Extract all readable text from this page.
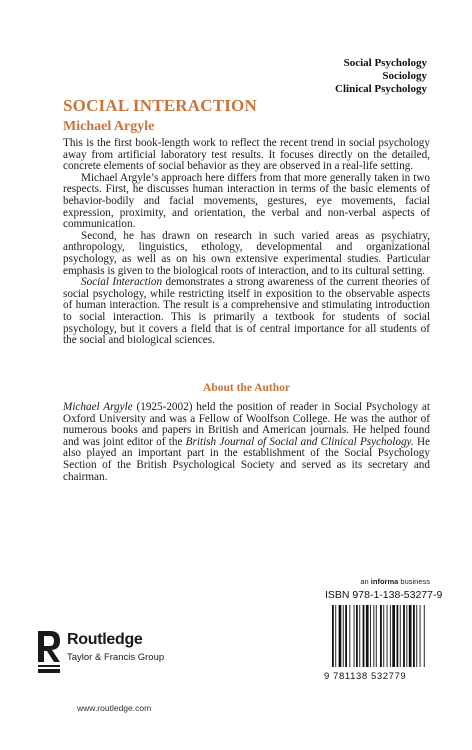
Social Psychology
Sociology
Clinical Psychology
SOCIAL INTERACTION
Michael Argyle

This is the first book-length work to reflect the recent trend in social psychology away from artificial laboratory test results. It focuses directly on the detailed, concrete elements of social behavior as they are observed in a real-life setting.

Michael Argyle’s approach here differs from that more generally taken in two respects. First, he discusses human interaction in terms of the basic elements of behavior-bodily and facial movements, gestures, eye movements, facial expression, proximity, and orientation, the verbal and non-verbal aspects of communication.

Second, he has drawn on research in such varied areas as psychiatry, anthropology, linguistics, ethology, developmental and organizational psychology, as well as on his own extensive experimental studies. Particular emphasis is given to the biological roots of interaction, and to its cultural setting.

Social Interaction demonstrates a strong awareness of the current theories of social psychology, while restricting itself in exposition to the observable aspects of human interaction. The result is a comprehensive and stimulating introduction to social interaction. This is primarily a textbook for students of social psychology, but it covers a field that is of central importance for all students of the social and biological sciences.

About the Author

Michael Argyle (1925-2002) held the position of reader in Social Psychology at Oxford University and was a Fellow of Woolfson College. He was the author of numerous books and papers in British and American journals. He helped found and was joint editor of the British Journal of Social and Clinical Psychology. He also played an important part in the establishment of the Social Psychology Section of the British Psychological Society and served as its secretary and chairman.

an informa business
ISBN 978-1-138-53277-9
9 781138 532779
Routledge
Taylor & Francis Group
www.routledge.com
